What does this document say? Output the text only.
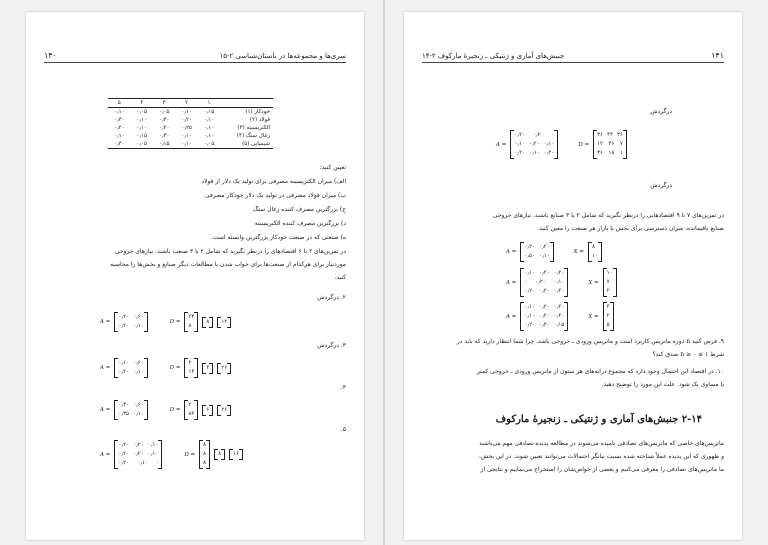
۱۴۰	سری‌ها و مجموعه‌ها در باستان‌شناسی ۲-۱۵
	۱	۲	۳	۴	۵
خودکار (۱)	۰٫۱۵	۰٫۱۰	۰٫۰۵	۰٫۰۵	۰٫۱۰
فولاد (۲)	۰٫۱۰	۰٫۲۰	۰٫۳۰	۰٫۱۰	۰٫۳۰
الکتریسیته (۳)	۰٫۱۰	۰٫۲۵	۰٫۲۰	۰٫۱۰	۰٫۲۰
زغال سنگ (۴)	۰٫۱۰	۰٫۱۰	۰٫۳۰	۰٫۱۵	۰٫۱۰
شیمیایی (۵)	۰٫۰۵	۰٫۱۰	۰٫۱۵	۰٫۰۵	۰٫۴۰
تعیین کنید:
الف) میزان الکتریسیته مصرفی برای تولید یک دلار از فولاد
ب) میزان فولاد مصرفی در تولید یک دلار خودکار مصرفی
ج) بزرگترین مصرف کننده زغال سنگ
د) بزرگترین مصرف کننده الکتریسیته
ه) صنعتی که در صنعت خودکار بزرگترین وابسته است.
در تمرین‌های ۲ تا ۶ اقتصادهای را درنظر بگیرید که شامل ۲ یا ۳ صنعت باشند. نیازهای خروجی
موردنیاز برای هرکدام از صنعت‌ها برای جواب شدن با مطالعات دیگر صنایع و بخش‌ها را محاسبه
کنید.
۲. درگردش
A =
۰٫۲۰ ۰٫۶۰
۰٫۲۰ ۰٫۱۰
D =
۲۴
۸
۸ ۱۲
۳. درگردش
A =
۰٫۱۰ ۰٫۶۰
۰٫۲۰ ۰٫۱۰
D =
۲
۱۴
۴ ۲۶
۴.
A =
۰٫۳۰ ۰٫۶۰
۰٫۳۵ ۰٫۱۰
D =
۲
۸۲
۶ ۲۶
۵.
A =
۰٫۲۰ ۰٫۲۰ ۰٫۱۰
۰٫۲۰ ۰٫۲۰ ۰٫۱۰
۰٫۲۰ ۰٫۱۰ -
D =
۸
۸
۸
۸ ۱۶
جنبش‌های آماری و ژنتیکی ـ زنجیرهٔ مارکوف ۲-۱۴	۱۴۱
درگردش
A =
۰٫۲۰ ۰٫۲۰ ۰
۰٫۱۰ ۰٫۲۰ ۰٫۱۰
۰٫۲۰ ۰٫۱۰ ۰٫۲۰
D =
۳۶ ۴۴ ۳۶
۱۲ ۴۶ ۷
۳۶ ۱۸ ۱
درگردش
در تمرین‌های ۷ تا ۹ اقتصادهایی را درنظر بگیرید که شامل ۲ یا ۳ صنایع باشند. نیازهای خروجی
صنایع باقیمانده. میزان دسترسی برای بخش یا بازار هر صنعت را معین کنید.
A =
۰٫۲۰ ۰٫۲۰
۰٫۵۰ ۰٫۱۰
X =
۸
۱۰
A =
۰٫۱۰ ۰٫۲۰ ۰٫۲۰
۰ ۰٫۲۰ ۰٫۱۰
۰٫۲۰ ۰٫۲۰ ۰٫۲۰
X =
۱۰
۷
۲
A =
۰٫۱۰ ۰٫۲۰ ۰٫۲۰
۰٫۱۰ ۰٫۲۰ ۰٫۲۰
۰٫۲۰ ۰٫۳۰ ۰٫۱۵
X =
۴
۲
۵
۹. فرض کنید n دوره ماتریس کاربرد است و ماتریس ورودی ـ خروجی باشد. چرا شما انتظار دارید که باید در
شرط ۱ ≥ n ≥ ۰ صدق کند؟
۱۰. در اقتصاد این احتمال وجود دارد که مجموع درایه‌های هر ستون از ماتریس ورودی ـ خروجی کمتر
یا مساوی یک شود. علت این مورد را توضیح دهید.
۲-۱۴ جنبش‌های آماری و ژنتیکی ـ زنجیرهٔ مارکوف
ماتریس‌های خاصی که ماتریس‌های تصادفی نامیده می‌شوند در مطالعه پدیده تصادفی مهم می‌باشند
و ظهوری که این پدیده عملاً شناخته شده نسبت بیانگر احتمالات می‌توانند تعیین شوند. در این بخش،
ما ماتریس‌های تصادفی را معرفی می‌کنیم و بعضی از خواص‌شان را استخراج می‌نماییم و نتایجی از
